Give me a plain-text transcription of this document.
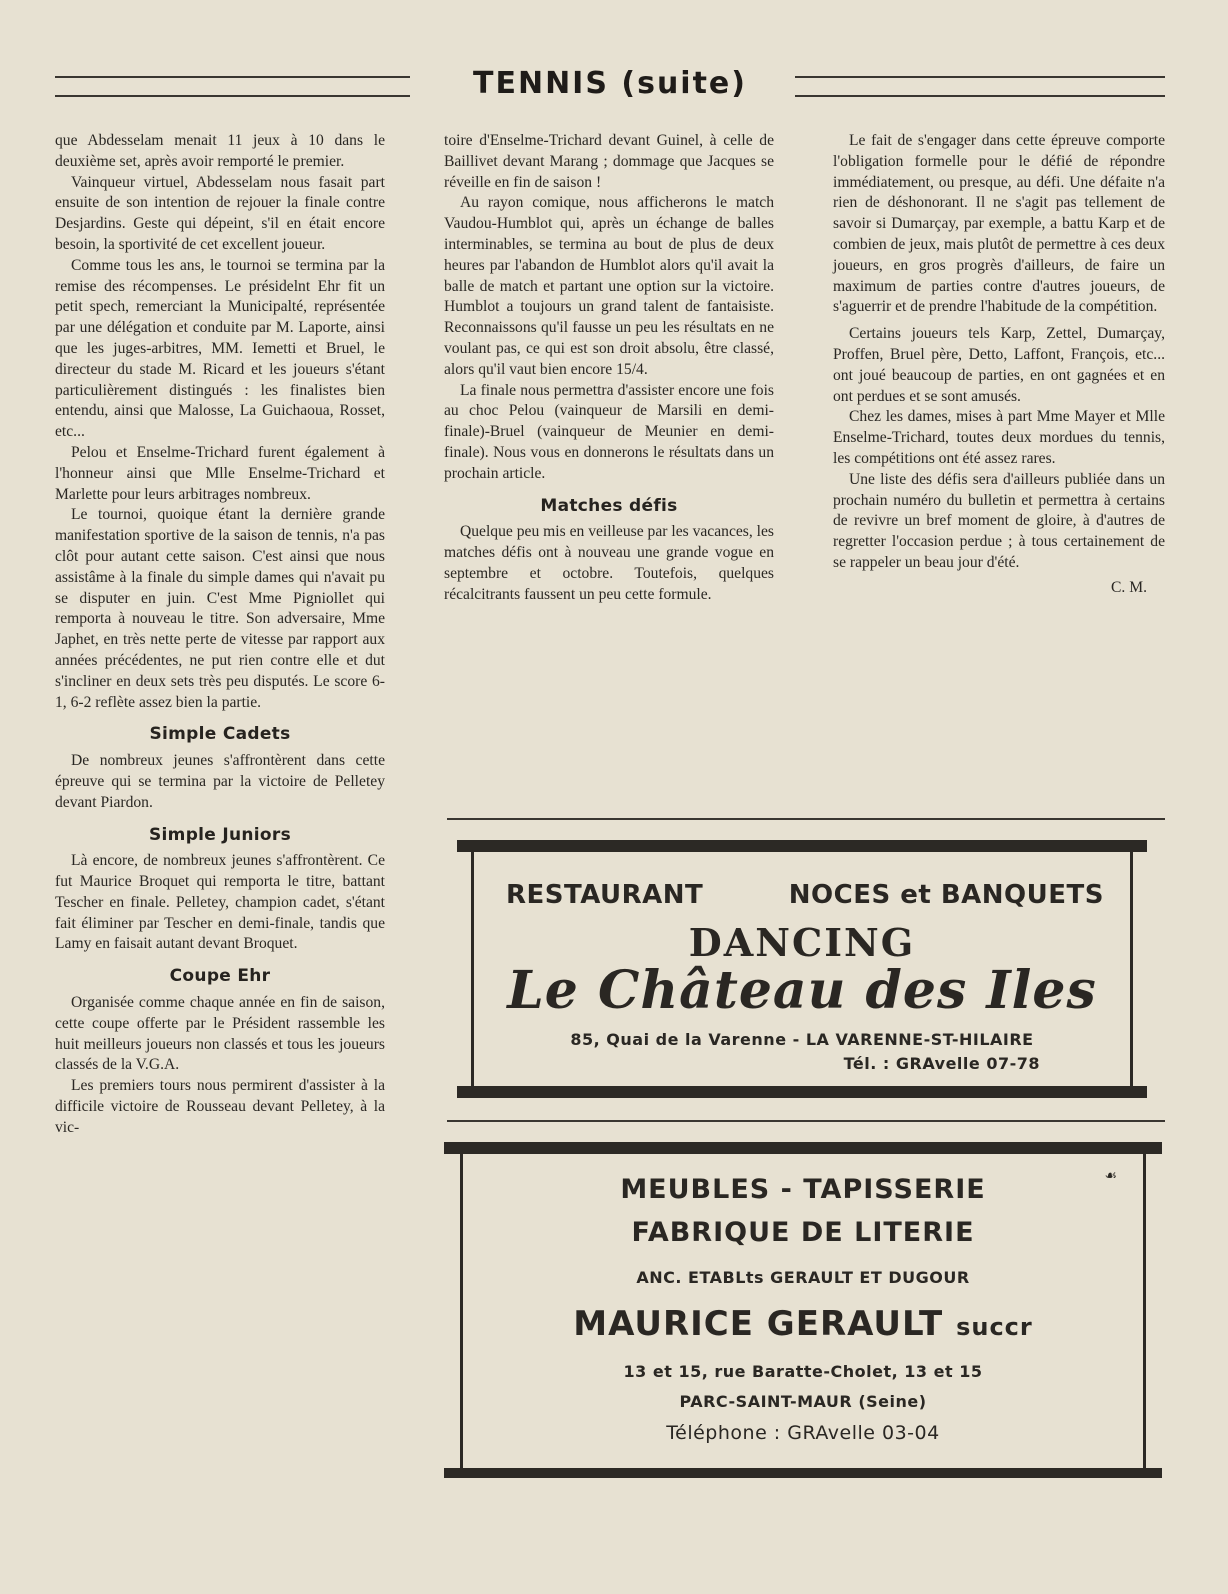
TENNIS (suite)

que Abdesselam menait 11 jeux à 10 dans le deuxième set, après avoir remporté le premier.

Vainqueur virtuel, Abdesselam nous fasait part ensuite de son intention de rejouer la finale contre Desjardins. Geste qui dépeint, s'il en était encore besoin, la sportivité de cet excellent joueur.

Comme tous les ans, le tournoi se termina par la remise des récompenses. Le présidelnt Ehr fit un petit spech, remerciant la Municipalté, représentée par une délégation et conduite par M. Laporte, ainsi que les juges-arbitres, MM. Iemetti et Bruel, le directeur du stade M. Ricard et les joueurs s'étant particulièrement distingués : les finalistes bien entendu, ainsi que Malosse, La Guichaoua, Rosset, etc...

Pelou et Enselme-Trichard furent également à l'honneur ainsi que Mlle Enselme-Trichard et Marlette pour leurs arbitrages nombreux.

Le tournoi, quoique étant la dernière grande manifestation sportive de la saison de tennis, n'a pas clôt pour autant cette saison. C'est ainsi que nous assistâme à la finale du simple dames qui n'avait pu se disputer en juin. C'est Mme Pigniollet qui remporta à nouveau le titre. Son adversaire, Mme Japhet, en très nette perte de vitesse par rapport aux années précédentes, ne put rien contre elle et dut s'incliner en deux sets très peu disputés. Le score 6-1, 6-2 reflète assez bien la partie.

Simple Cadets

De nombreux jeunes s'affrontèrent dans cette épreuve qui se termina par la victoire de Pelletey devant Piardon.

Simple Juniors

Là encore, de nombreux jeunes s'affrontèrent. Ce fut Maurice Broquet qui remporta le titre, battant Tescher en finale. Pelletey, champion cadet, s'étant fait éliminer par Tescher en demi-finale, tandis que Lamy en faisait autant devant Broquet.

Coupe Ehr

Organisée comme chaque année en fin de saison, cette coupe offerte par le Président rassemble les huit meilleurs joueurs non classés et tous les joueurs classés de la V.G.A.

Les premiers tours nous permirent d'assister à la difficile victoire de Rousseau devant Pelletey, à la vic-

toire d'Enselme-Trichard devant Guinel, à celle de Baillivet devant Marang ; dommage que Jacques se réveille en fin de saison !

Au rayon comique, nous afficherons le match Vaudou-Humblot qui, après un échange de balles interminables, se termina au bout de plus de deux heures par l'abandon de Humblot alors qu'il avait la balle de match et partant une option sur la victoire. Humblot a toujours un grand talent de fantaisiste. Reconnaissons qu'il fausse un peu les résultats en ne voulant pas, ce qui est son droit absolu, être classé, alors qu'il vaut bien encore 15/4.

La finale nous permettra d'assister encore une fois au choc Pelou (vainqueur de Marsili en demi-finale)-Bruel (vainqueur de Meunier en demi-finale). Nous vous en donnerons le résultats dans un prochain article.

Matches défis

Quelque peu mis en veilleuse par les vacances, les matches défis ont à nouveau une grande vogue en septembre et octobre. Toutefois, quelques récalcitrants faussent un peu cette formule.

Le fait de s'engager dans cette épreuve comporte l'obligation formelle pour le défié de répondre immédiatement, ou presque, au défi. Une défaite n'a rien de déshonorant. Il ne s'agit pas tellement de savoir si Dumarçay, par exemple, a battu Karp et de combien de jeux, mais plutôt de permettre à ces deux joueurs, en gros progrès d'ailleurs, de faire un maximum de parties contre d'autres joueurs, de s'aguerrir et de prendre l'habitude de la compétition.

Certains joueurs tels Karp, Zettel, Dumarçay, Proffen, Bruel père, Detto, Laffont, François, etc... ont joué beaucoup de parties, en ont gagnées et en ont perdues et se sont amusés.

Chez les dames, mises à part Mme Mayer et Mlle Enselme-Trichard, toutes deux mordues du tennis, les compétitions ont été assez rares.

Une liste des défis sera d'ailleurs publiée dans un prochain numéro du bulletin et permettra à certains de revivre un bref moment de gloire, à d'autres de regretter l'occasion perdue ; à tous certainement de se rappeler un beau jour d'été.

C. M.
RESTAURANT	NOCES et BANQUETS
DANCING
Le Château des Iles
85, Quai de la Varenne - LA VARENNE-ST-HILAIRE
Tél. : GRAvelle 07-78
☙
MEUBLES - TAPISSERIE
FABRIQUE DE LITERIE
ANC. ETABLts GERAULT ET DUGOUR
MAURICE GERAULT succr
13 et 15, rue Baratte-Cholet, 13 et 15
PARC-SAINT-MAUR (Seine)
Téléphone : GRAvelle 03-04
